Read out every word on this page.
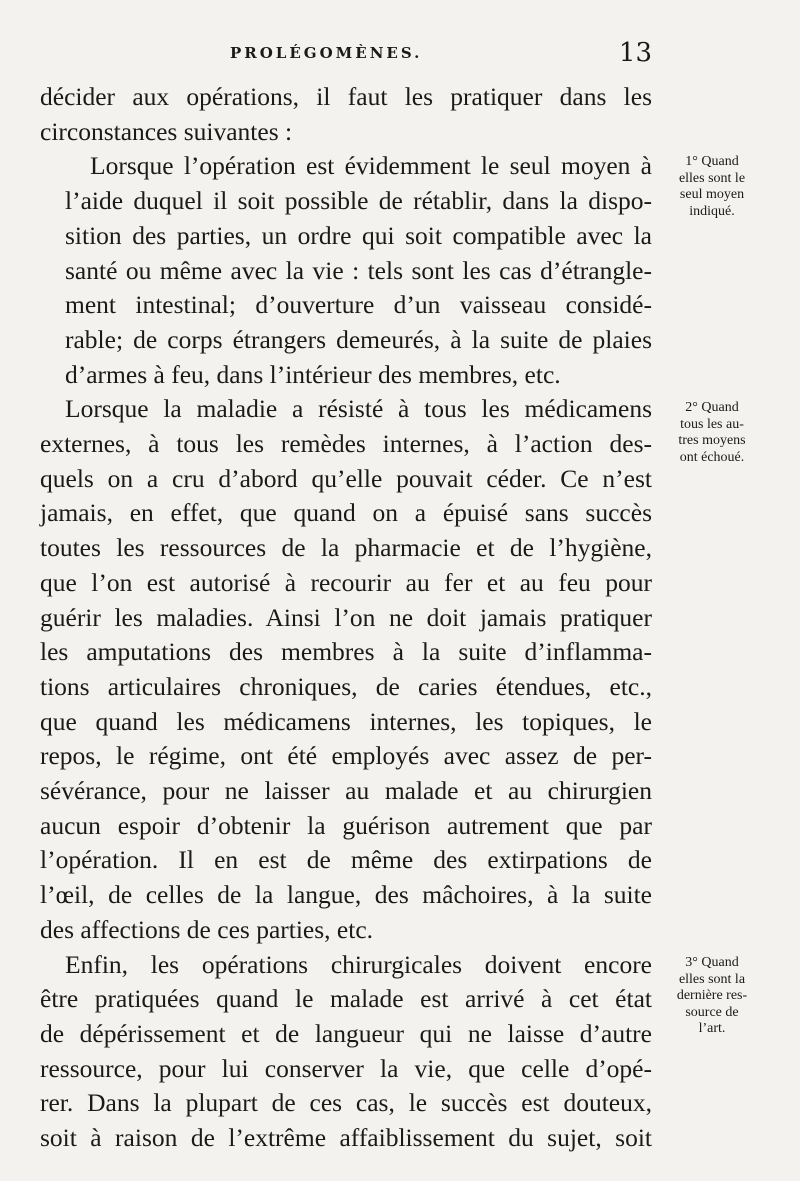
PROLÉGOMÈNES.	13

décider aux opérations, il faut les pratiquer dans les
circonstances suivantes :

Lorsque l’opération est évidemment le seul moyen à
l’aide duquel il soit possible de rétablir, dans la dispo-
sition des parties, un ordre qui soit compatible avec la
santé ou même avec la vie : tels sont les cas d’étrangle-
ment intestinal; d’ouverture d’un vaisseau considé-
rable; de corps étrangers demeurés, à la suite de plaies
d’armes à feu, dans l’intérieur des membres, etc.

Lorsque la maladie a résisté à tous les médicamens
externes, à tous les remèdes internes, à l’action des-
quels on a cru d’abord qu’elle pouvait céder. Ce n’est
jamais, en effet, que quand on a épuisé sans succès
toutes les ressources de la pharmacie et de l’hygiène,
que l’on est autorisé à recourir au fer et au feu pour
guérir les maladies. Ainsi l’on ne doit jamais pratiquer
les amputations des membres à la suite d’inflamma-
tions articulaires chroniques, de caries étendues, etc.,
que quand les médicamens internes, les topiques, le
repos, le régime, ont été employés avec assez de per-
sévérance, pour ne laisser au malade et au chirurgien
aucun espoir d’obtenir la guérison autrement que par
l’opération. Il en est de même des extirpations de
l’œil, de celles de la langue, des mâchoires, à la suite
des affections de ces parties, etc.

Enfin, les opérations chirurgicales doivent encore
être pratiquées quand le malade est arrivé à cet état
de dépérissement et de langueur qui ne laisse d’autre
ressource, pour lui conserver la vie, que celle d’opé-
rer. Dans la plupart de ces cas, le succès est douteux,
soit à raison de l’extrême affaiblissement du sujet, soit

1° Quand
elles sont le
seul moyen
indiqué.
2° Quand
tous les au-
tres moyens
ont échoué.
3° Quand
elles sont la
dernière res-
source de
l’art.
